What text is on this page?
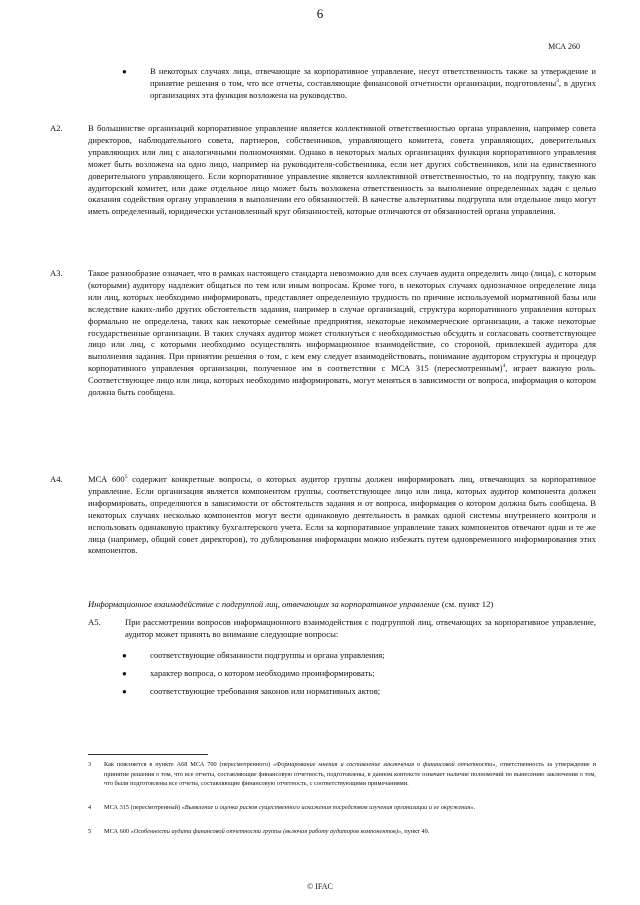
6
МСА 260
●	В некоторых случаях лица, отвечающие за корпоративное управление, несут ответственность также за утверждение и принятие решения о том, что все отчеты, составляющие финансовой отчетности организации, подготовлены$^3$, в других организациях эта функция возложена на руководство.
A2.	В большинстве организаций корпоративное управление является коллективной ответственностью органа управления, например совета директоров, наблюдательного совета, партнеров, собственников, управляющего комитета, совета управляющих, доверительных управляющих или лиц с аналогичными полномочиями. Однако в некоторых малых организациях функция корпоративного управления может быть возложена на одно лицо, например на руководителя-собственника, если нет других собственников, или на единственного доверительного управляющего. Если корпоративное управление является коллективной ответственностью, то на подгруппу, такую как аудиторский комитет, или даже отдельное лицо может быть возложена ответственность за выполнение определенных задач с целью оказания содействия органу управления в выполнении его обязанностей. В качестве альтернативы подгруппа или отдельное лицо могут иметь определенный, юридически установленный круг обязанностей, которые отличаются от обязанностей органа управления.
A3.	Такое разнообразие означает, что в рамках настоящего стандарта невозможно для всех случаев аудита определить лицо (лица), с которым (которыми) аудитору надлежит общаться по тем или иным вопросам. Кроме того, в некоторых случаях однозначное определение лица или лиц, которых необходимо информировать, представляет определенную трудность по причине используемой нормативной базы или вследствие каких-либо других обстоятельств задания, например в случае организаций, структура корпоративного управления которых формально не определена, таких как некоторые семейные предприятия, некоторые некоммерческие организации, а также некоторые государственные организации. В таких случаях аудитор может столкнуться с необходимостью обсудить и согласовать соответствующее лицо или лиц, с которыми необходимо осуществлять информационное взаимодействие, со стороной, привлекшей аудитора для выполнения задания. При принятии решения о том, с кем ему следует взаимодействовать, понимание аудитором структуры и процедур корпоративного управления организации, полученное им в соответствии с МСА 315 (пересмотренным)$^4$, играет важную роль. Соответствующее лицо или лица, которых необходимо информировать, могут меняться в зависимости от вопроса, информация о котором должна быть сообщена.
A4.	МСА $600^5$ содержит конкретные вопросы, о которых аудитор группы должен информировать лиц, отвечающих за корпоративное управление. Если организация является компонентом группы, соответствующее лицо или лица, которых аудитор компонента должен информировать, определяются в зависимости от обстоятельств задания и от вопроса, информация о котором должна быть сообщена. В некоторых случаях несколько компонентов могут вести одинаковую деятельность в рамках одной системы внутреннего контроля и использовать одинаковую практику бухгалтерского учета. Если за корпоративное управление таких компонентов отвечают одни и те же лица (например, общий совет директоров), то дублирования информации можно избежать путем одновременного информирования этих компонентов.
Информационное взаимодействие с подгруппой лиц, отвечающих за корпоративное управление (см. пункт 12)
A5.	При рассмотрении вопросов информационного взаимодействия с подгруппой лиц, отвечающих за корпоративное управление, аудитор может принять во внимание следующие вопросы:
●	соответствующие обязанности подгруппы и органа управления;
●	характер вопроса, о котором необходимо проинформировать;
●	соответствующие требования законов или нормативных актов;
3 Как поясняется в пункте А68 МСА 700 (пересмотренного) «Формирование мнения и составление заключения о финансовой отчетности», ответственность за утверждение и принятие решения о том, что все отчеты, составляющие финансовую отчетность, подготовлены, в данном контексте означает наличие полномочий по вынесению заключения о том, что были подготовлены все отчеты, составляющие финансовую отчетность, с соответствующими примечаниями.
4 МСА 315 (пересмотренный) «Выявление и оценка рисков существенного искажения посредством изучения организации и ее окружения».
5 МСА 600 «Особенности аудита финансовой отчетности группы (включая работу аудиторов компонентов)», пункт 49.
© IFAC
